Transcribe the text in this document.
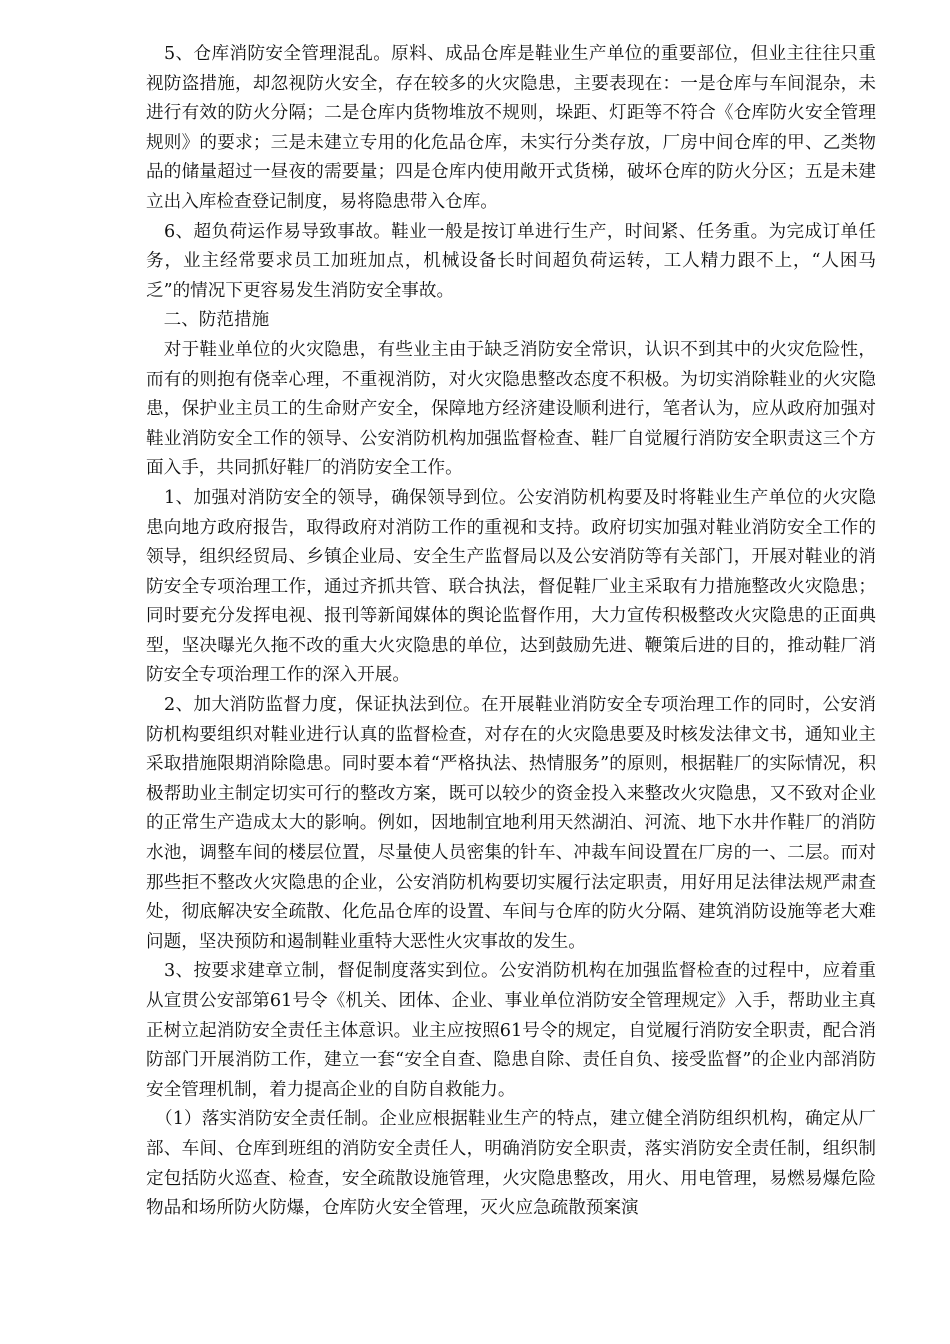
　5、仓库消防安全管理混乱。原料、成品仓库是鞋业生产单位的重要部位，但业主往往只重视防盗措施，却忽视防火安全，存在较多的火灾隐患，主要表现在：一是仓库与车间混杂，未进行有效的防火分隔；二是仓库内货物堆放不规则，垛距、灯距等不符合《仓库防火安全管理规则》的要求；三是未建立专用的化危品仓库，未实行分类存放，厂房中间仓库的甲、乙类物品的储量超过一昼夜的需要量；四是仓库内使用敞开式货梯，破坏仓库的防火分区；五是未建立出入库检查登记制度，易将隐患带入仓库。

　6、超负荷运作易导致事故。鞋业一般是按订单进行生产，时间紧、任务重。为完成订单任务，业主经常要求员工加班加点，机械设备长时间超负荷运转，工人精力跟不上，“人困马乏”的情况下更容易发生消防安全事故。

　二、防范措施

　对于鞋业单位的火灾隐患，有些业主由于缺乏消防安全常识，认识不到其中的火灾危险性，而有的则抱有侥幸心理，不重视消防，对火灾隐患整改态度不积极。为切实消除鞋业的火灾隐患，保护业主员工的生命财产安全，保障地方经济建设顺利进行，笔者认为，应从政府加强对鞋业消防安全工作的领导、公安消防机构加强监督检查、鞋厂自觉履行消防安全职责这三个方面入手，共同抓好鞋厂的消防安全工作。

　1、加强对消防安全的领导，确保领导到位。公安消防机构要及时将鞋业生产单位的火灾隐患向地方政府报告，取得政府对消防工作的重视和支持。政府切实加强对鞋业消防安全工作的领导，组织经贸局、乡镇企业局、安全生产监督局以及公安消防等有关部门，开展对鞋业的消防安全专项治理工作，通过齐抓共管、联合执法，督促鞋厂业主采取有力措施整改火灾隐患；同时要充分发挥电视、报刊等新闻媒体的舆论监督作用，大力宣传积极整改火灾隐患的正面典型，坚决曝光久拖不改的重大火灾隐患的单位，达到鼓励先进、鞭策后进的目的，推动鞋厂消防安全专项治理工作的深入开展。

　2、加大消防监督力度，保证执法到位。在开展鞋业消防安全专项治理工作的同时，公安消防机构要组织对鞋业进行认真的监督检查，对存在的火灾隐患要及时核发法律文书，通知业主采取措施限期消除隐患。同时要本着“严格执法、热情服务”的原则，根据鞋厂的实际情况，积极帮助业主制定切实可行的整改方案，既可以较少的资金投入来整改火灾隐患，又不致对企业的正常生产造成太大的影响。例如，因地制宜地利用天然湖泊、河流、地下水井作鞋厂的消防水池，调整车间的楼层位置，尽量使人员密集的针车、冲裁车间设置在厂房的一、二层。而对那些拒不整改火灾隐患的企业，公安消防机构要切实履行法定职责，用好用足法律法规严肃查处，彻底解决安全疏散、化危品仓库的设置、车间与仓库的防火分隔、建筑消防设施等老大难问题，坚决预防和遏制鞋业重特大恶性火灾事故的发生。

　3、按要求建章立制，督促制度落实到位。公安消防机构在加强监督检查的过程中，应着重从宣贯公安部第61号令《机关、团体、企业、事业单位消防安全管理规定》入手，帮助业主真正树立起消防安全责任主体意识。业主应按照61号令的规定，自觉履行消防安全职责，配合消防部门开展消防工作，建立一套“安全自查、隐患自除、责任自负、接受监督”的企业内部消防安全管理机制，着力提高企业的自防自救能力。

　（1）落实消防安全责任制。企业应根据鞋业生产的特点，建立健全消防组织机构，确定从厂部、车间、仓库到班组的消防安全责任人，明确消防安全职责，落实消防安全责任制，组织制定包括防火巡查、检查，安全疏散设施管理，火灾隐患整改，用火、用电管理，易燃易爆危险物品和场所防火防爆，仓库防火安全管理，灭火应急疏散预案演
